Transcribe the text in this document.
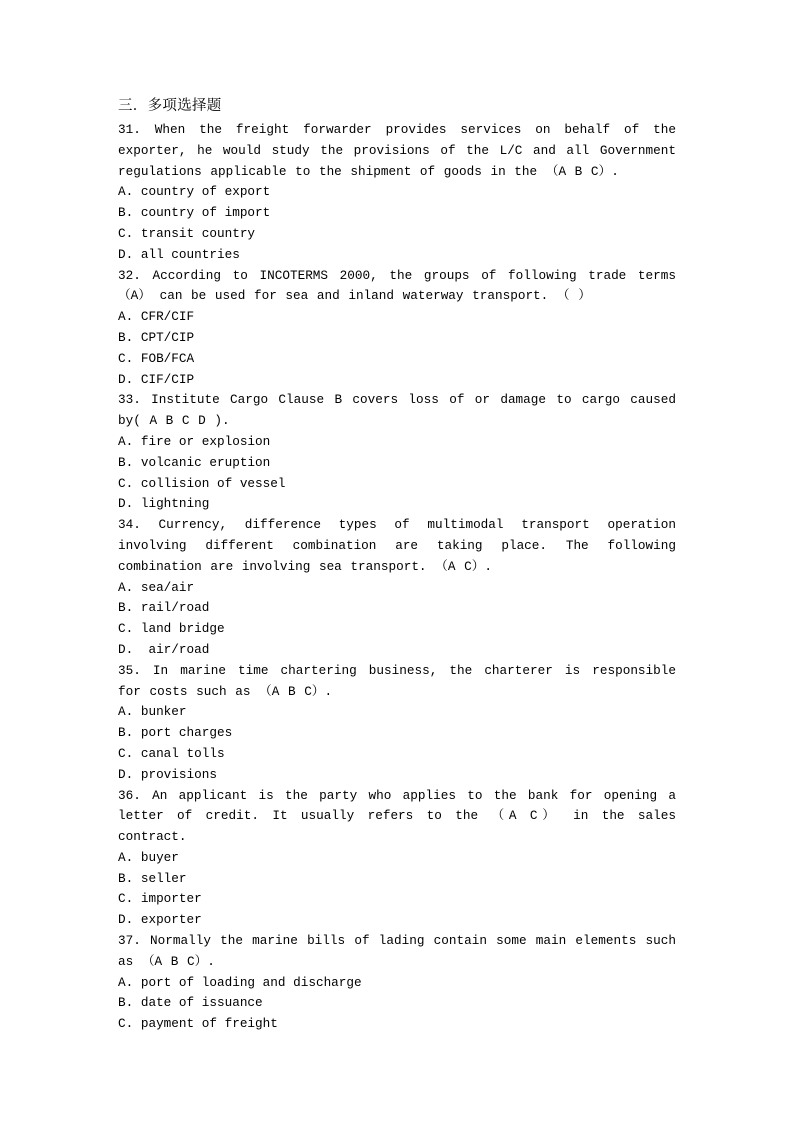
三．多项选择题

31. When the freight forwarder provides services on behalf of the exporter, he would study the provisions of the L/C and all Government regulations applicable to the shipment of goods in the （A B C）.

A. country of export

B. country of import

C. transit country

D. all countries

32. According to INCOTERMS 2000, the groups of following trade terms （A） can be used for sea and inland waterway transport. （ ）

A. CFR/CIF

B. CPT/CIP

C. FOB/FCA

D. CIF/CIP

33. Institute Cargo Clause B covers loss of or damage to cargo caused by( A B C D ).

A. fire or explosion

B. volcanic eruption

C. collision of vessel

D. lightning

34. Currency, difference types of multimodal transport operation involving different combination are taking place. The following combination are involving sea transport. （A C）.

A. sea/air

B. rail/road

C. land bridge

D.  air/road

35. In marine time chartering business, the charterer is responsible for costs such as （A B C）.

A. bunker

B. port charges

C. canal tolls

D. provisions

36. An applicant is the party who applies to the bank for opening a letter of credit. It usually refers to the （A C） in the sales contract.

A. buyer

B. seller

C. importer

D. exporter

37. Normally the marine bills of lading contain some main elements such as （A B C）.

A. port of loading and discharge

B. date of issuance

C. payment of freight
